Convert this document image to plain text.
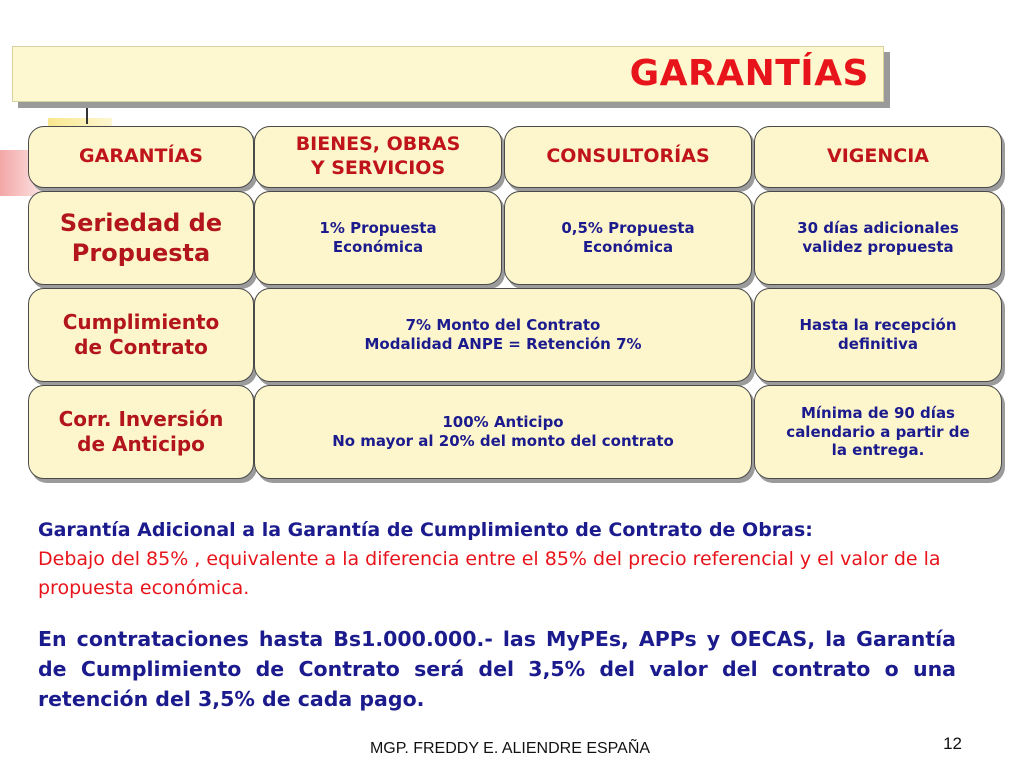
GARANTÍAS
GARANTÍAS
BIENES, OBRAS
Y SERVICIOS
CONSULTORÍAS	VIGENCIA
Seriedad de
Propuesta
1% Propuesta
Económica
0,5% Propuesta
Económica
30 días adicionales
validez propuesta
Cumplimiento
de Contrato
7% Monto del Contrato
Modalidad ANPE = Retención 7%
Hasta la recepción
definitiva
Corr. Inversión
de Anticipo
100% Anticipo
No mayor al 20% del monto del contrato
Mínima de 90 días
calendario a partir de
la entrega.
Garantía Adicional a la Garantía de Cumplimiento de Contrato de Obras:
Debajo del 85% , equivalente a la diferencia entre el 85% del precio referencial y el valor de la propuesta económica.
En contrataciones hasta Bs1.000.000.- las MyPEs, APPs y OECAS, la Garantía de Cumplimiento de Contrato será del 3,5% del valor del contrato o una retención del 3,5% de cada pago.
MGP. FREDDY E. ALIENDRE ESPAÑA	12
